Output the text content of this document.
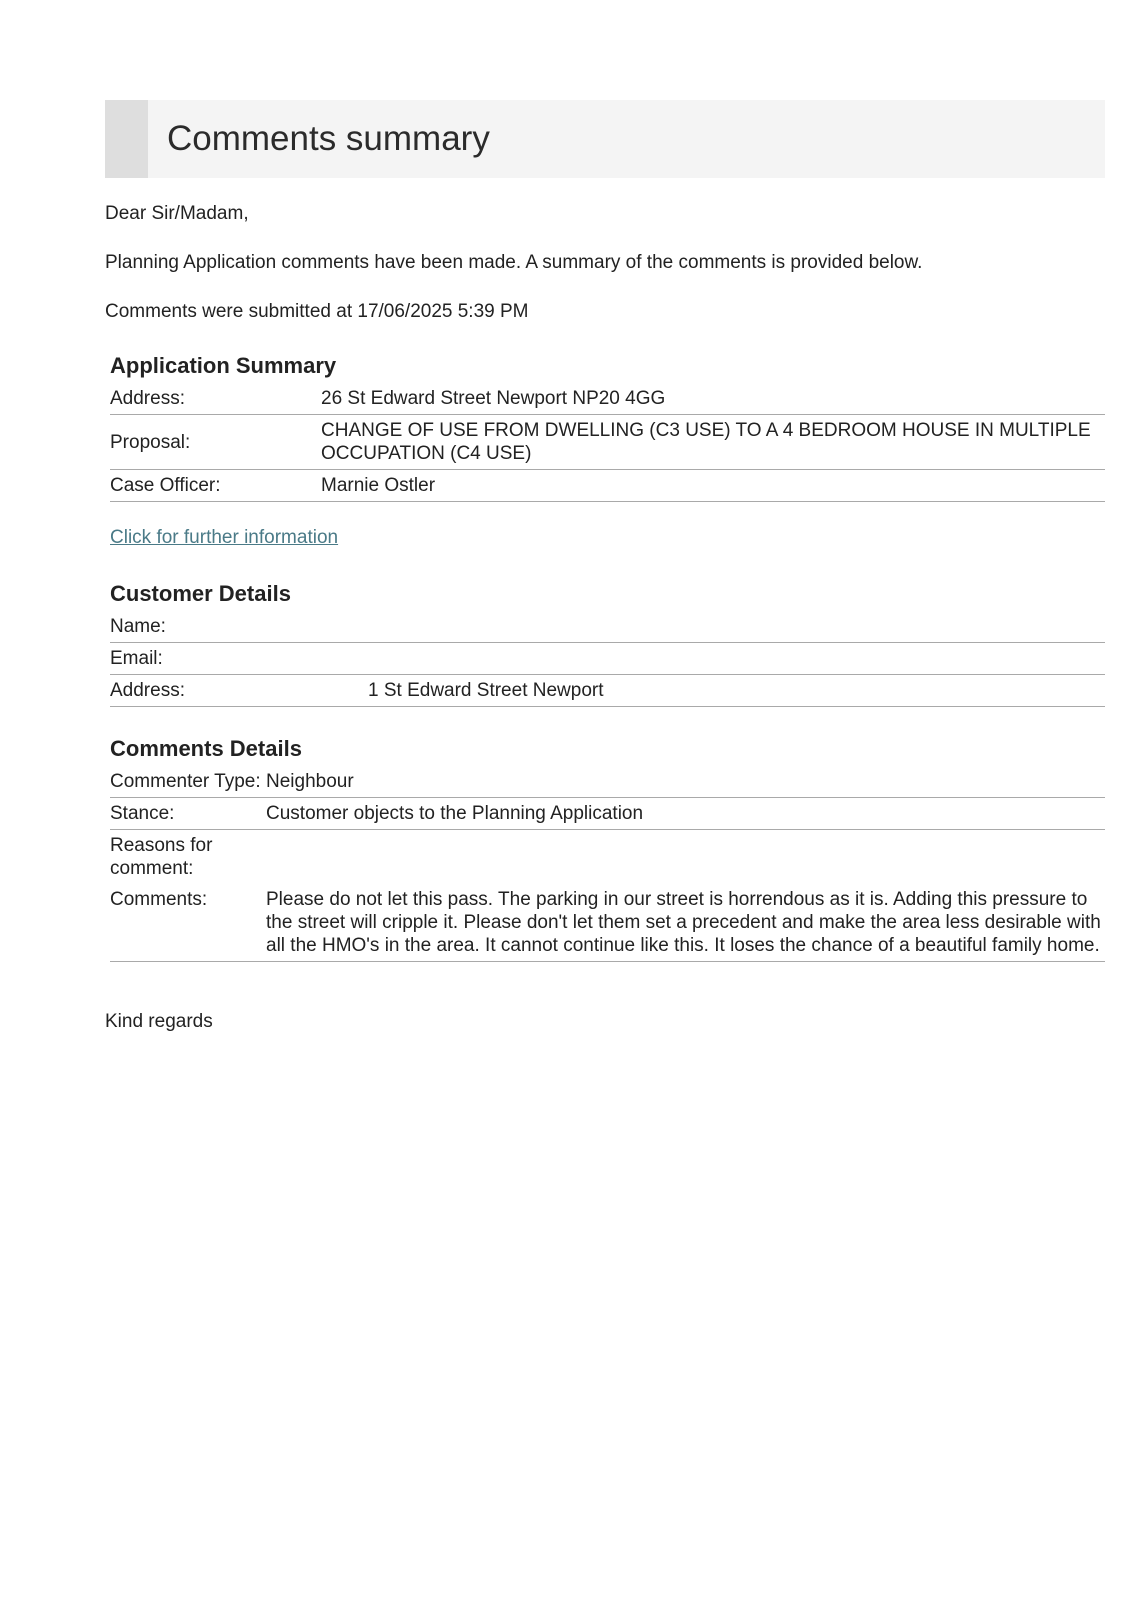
Comments summary

Dear Sir/Madam,

Planning Application comments have been made. A summary of the comments is provided below.

Comments were submitted at 17/06/2025 5:39 PM

Application Summary
Address:	26 St Edward Street Newport NP20 4GG
Proposal:	CHANGE OF USE FROM DWELLING (C3 USE) TO A 4 BEDROOM HOUSE IN MULTIPLE OCCUPATION (C4 USE)
Case Officer:	Marnie Ostler
Click for further information
Customer Details
Name:	
Email:	
Address:	1 St Edward Street Newport
Comments Details
Commenter Type:	Neighbour
Stance:	Customer objects to the Planning Application
Reasons for comment:	
Comments:	Please do not let this pass. The parking in our street is horrendous as it is. Adding this pressure to the street will cripple it. Please don't let them set a precedent and make the area less desirable with all the HMO's in the area. It cannot continue like this. It loses the chance of a beautiful family home.

Kind regards
